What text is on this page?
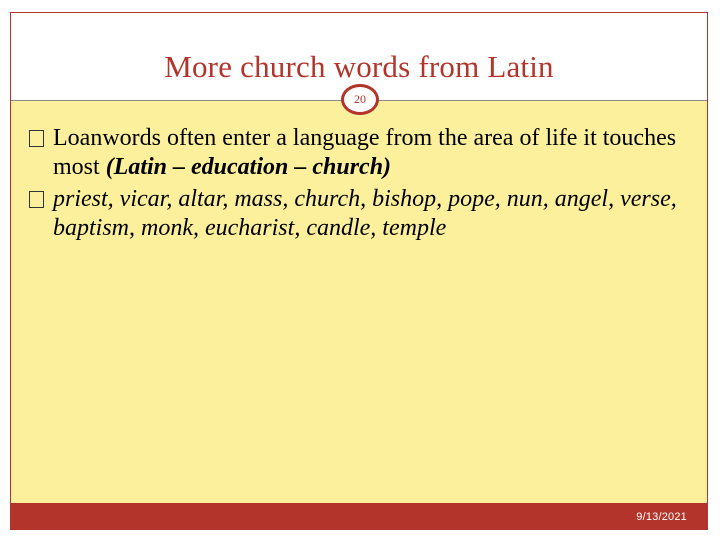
More church words from Latin
20
Loanwords often enter a language from the area of life it touches most (Latin – education – church)
priest, vicar, altar, mass, church, bishop, pope, nun, angel, verse, baptism, monk, eucharist, candle, temple
9/13/2021
